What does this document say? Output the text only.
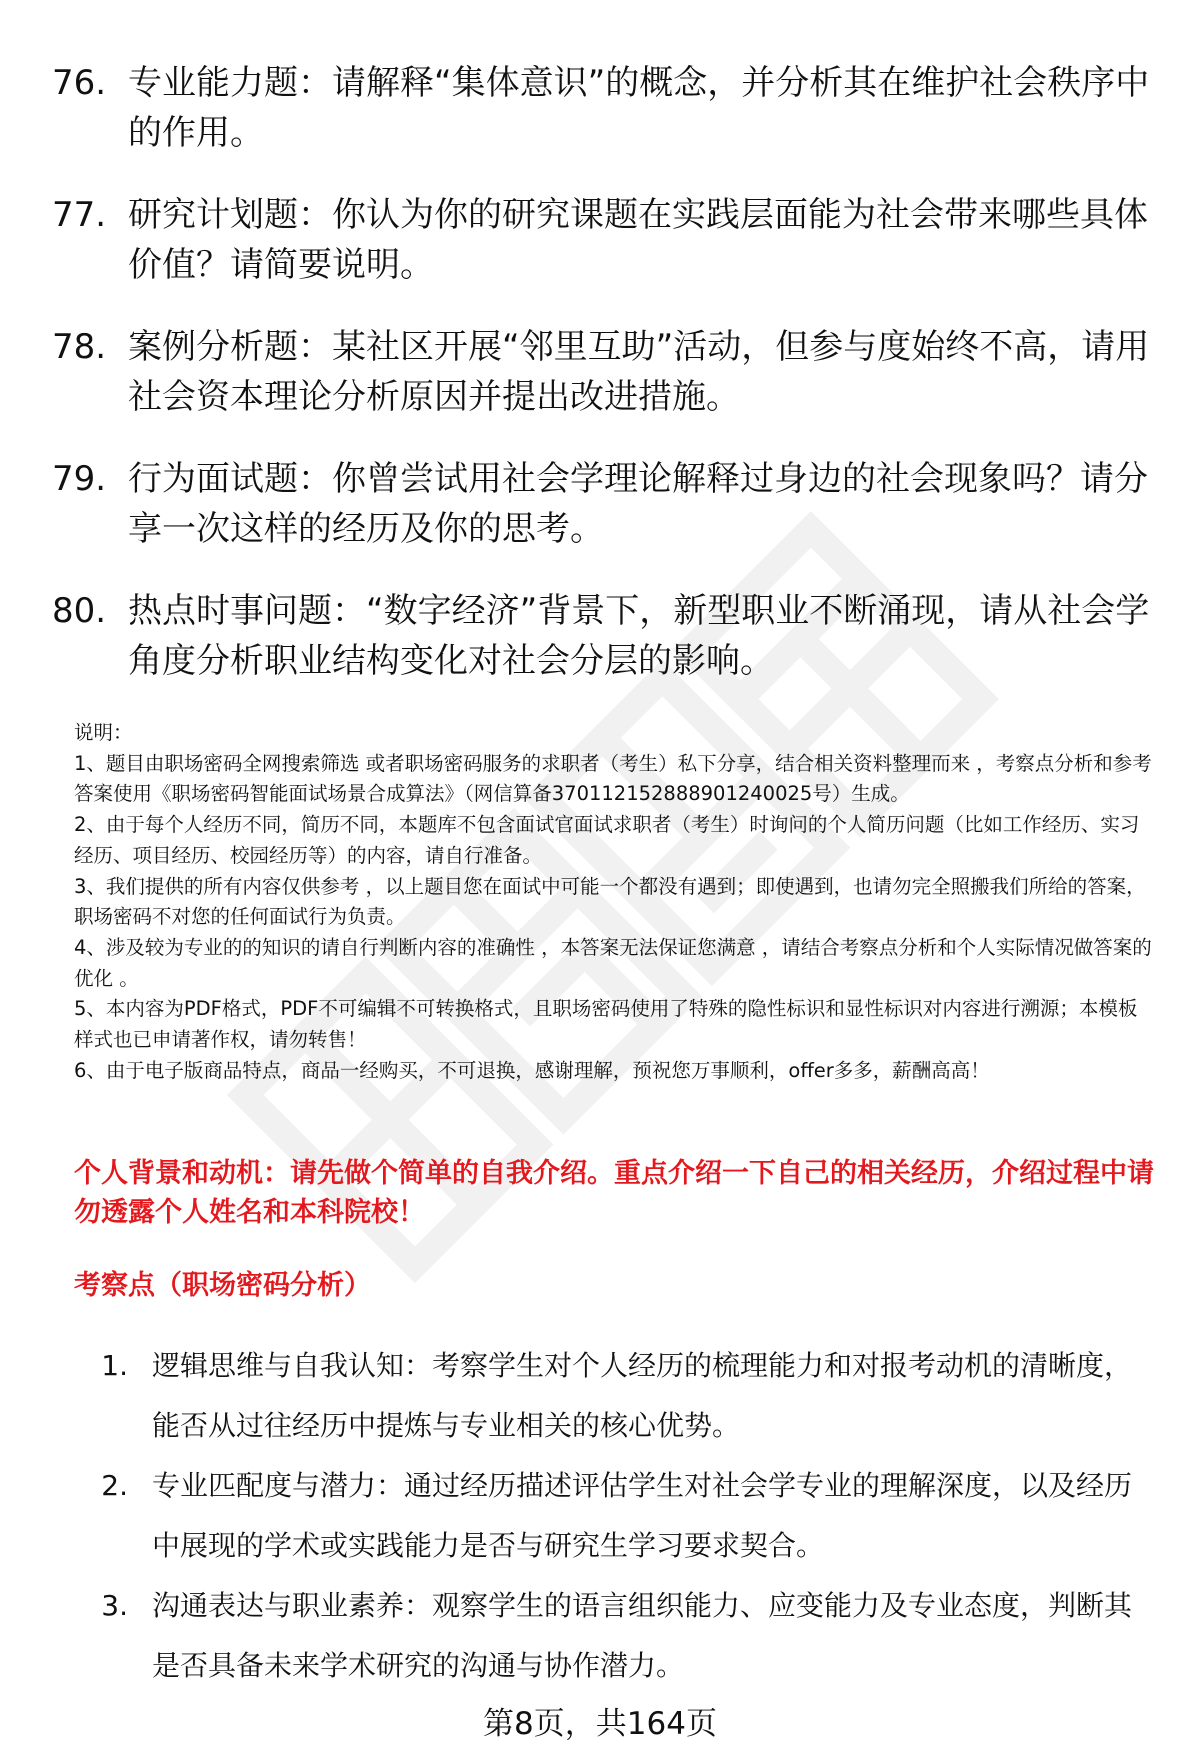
76. 专业能力题：请解释“集体意识”的概念，并分析其在维护社会秩序中的作用。
77. 研究计划题：你认为你的研究课题在实践层面能为社会带来哪些具体价值？请简要说明。
78. 案例分析题：某社区开展“邻里互助”活动，但参与度始终不高，请用社会资本理论分析原因并提出改进措施。
79. 行为面试题：你曾尝试用社会学理论解释过身边的社会现象吗？请分享一次这样的经历及你的思考。
80. 热点时事问题：“数字经济”背景下，新型职业不断涌现，请从社会学角度分析职业结构变化对社会分层的影响。

说明：

1、题目由职场密码全网搜索筛选 或者职场密码服务的求职者（考生）私下分享，结合相关资料整理而来 ，考察点分析和参考答案使用《职场密码智能面试场景合成算法》（网信算备370112152888901240025号）生成。

2、由于每个人经历不同，简历不同，本题库不包含面试官面试求职者（考生）时询问的个人简历问题（比如工作经历、实习经历、项目经历、校园经历等）的内容，请自行准备。

3、我们提供的所有内容仅供参考 ，以上题目您在面试中可能一个都没有遇到；即使遇到，也请勿完全照搬我们所给的答案，职场密码不对您的任何面试行为负责。

4、涉及较为专业的的知识的请自行判断内容的准确性 ，本答案无法保证您满意 ，请结合考察点分析和个人实际情况做答案的优化 。

5、本内容为PDF格式，PDF不可编辑不可转换格式，且职场密码使用了特殊的隐性标识和显性标识对内容进行溯源；本模板样式也已申请著作权，请勿转售！

6、由于电子版商品特点，商品一经购买，不可退换，感谢理解，预祝您万事顺利，offer多多，薪酬高高！

个人背景和动机：请先做个简单的自我介绍。重点介绍一下自己的相关经历，介绍过程中请勿透露个人姓名和本科院校！
考察点（职场密码分析）
1. 逻辑思维与自我认知：考察学生对个人经历的梳理能力和对报考动机的清晰度，能否从过往经历中提炼与专业相关的核心优势。
2. 专业匹配度与潜力：通过经历描述评估学生对社会学专业的理解深度，以及经历中展现的学术或实践能力是否与研究生学习要求契合。
3. 沟通表达与职业素养：观察学生的语言组织能力、应变能力及专业态度，判断其是否具备未来学术研究的沟通与协作潜力。
第8页，共164页
